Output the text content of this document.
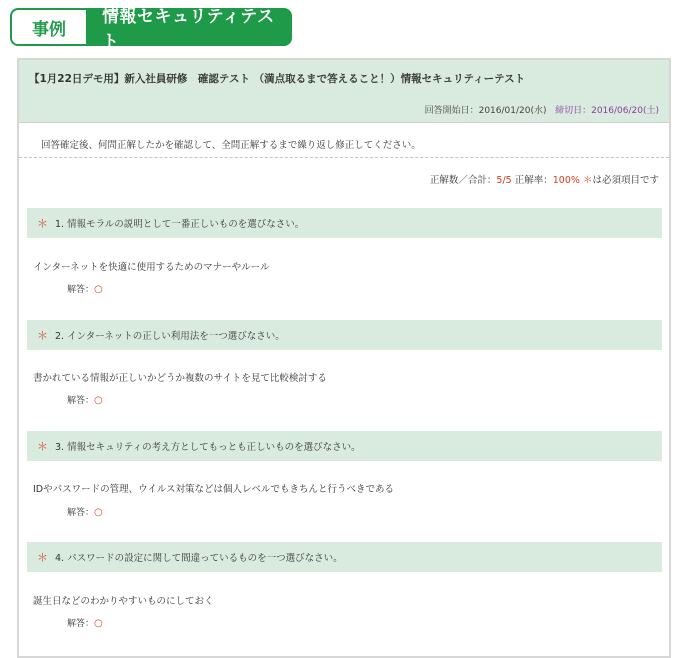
事例
情報セキュリティテスト
【1月22日デモ用】新入社員研修　確認テスト （満点取るまで答えること！）情報セキュリティーテスト
回答開始日：2016/01/20(水) 締切日：2016/06/20(土)
回答確定後、何問正解したかを確認して、全問正解するまで繰り返し修正してください。
正解数／合計：5/5 正解率：100% ＊は必須項目です
＊ 1. 情報モラルの説明として一番正しいものを選びなさい。
インターネットを快適に使用するためのマナーやルール
解答：○
＊ 2. インターネットの正しい利用法を一つ選びなさい。
書かれている情報が正しいかどうか複数のサイトを見て比較検討する
解答：○
＊ 3. 情報セキュリティの考え方としてもっとも正しいものを選びなさい。
IDやパスワードの管理、ウイルス対策などは個人レベルでもきちんと行うべきである
解答：○
＊ 4. パスワードの設定に関して間違っているものを一つ選びなさい。
誕生日などのわかりやすいものにしておく
解答：○
